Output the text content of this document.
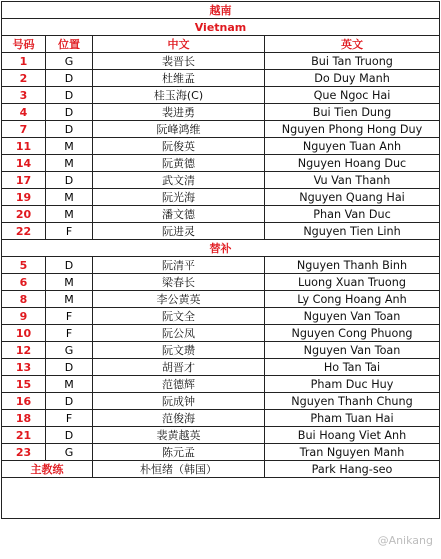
越南			
Vietnam			
号码	位置	中文	英文
1	G	裴晋长	Bui Tan Truong
2	D	杜维孟	Do Duy Manh
3	D	桂玉海(C)	Que Ngoc Hai
4	D	裴进勇	Bui Tien Dung
7	D	阮峰鸿维	Nguyen Phong Hong Duy
11	M	阮俊英	Nguyen Tuan Anh
14	M	阮黄德	Nguyen Hoang Duc
17	D	武文清	Vu Van Thanh
19	M	阮光海	Nguyen Quang Hai
20	M	潘文德	Phan Van Duc
22	F	阮进灵	Nguyen Tien Linh
替补			
5	D	阮清平	Nguyen Thanh Binh
6	M	梁春长	Luong Xuan Truong
8	M	李公黄英	Ly Cong Hoang Anh
9	F	阮文全	Nguyen Van Toan
10	F	阮公凤	Nguyen Cong Phuong
12	G	阮文瓒	Nguyen Van Toan
13	D	胡晋才	Ho Tan Tai
15	M	范德辉	Pham Duc Huy
16	D	阮成钟	Nguyen Thanh Chung
18	F	范俊海	Pham Tuan Hai
21	D	裴黄越英	Bui Hoang Viet Anh
23	G	陈元孟	Tran Nguyen Manh
主教练		朴恒绪（韩国）	Park Hang-seo

@Anikang
